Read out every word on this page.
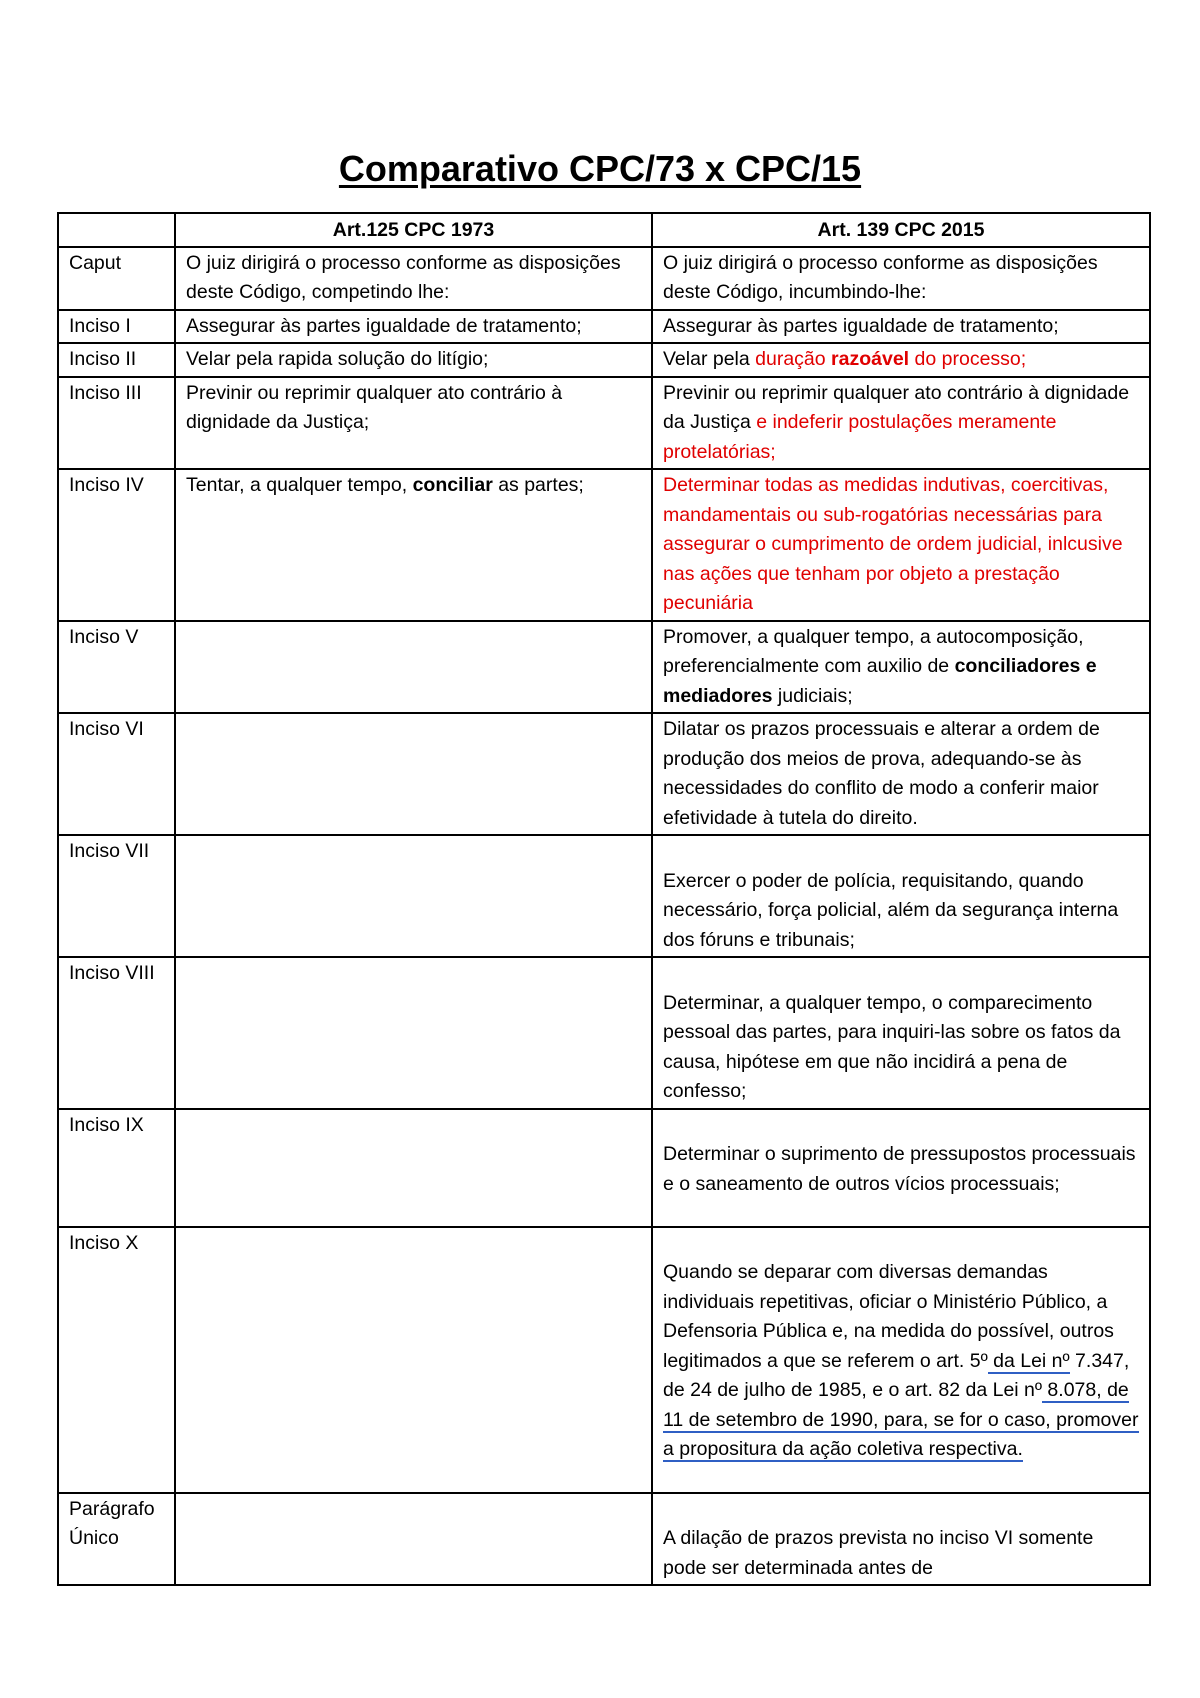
Comparativo CPC/73 x CPC/15
	Art.125 CPC 1973	Art. 139 CPC 2015
Caput	O juiz dirigirá o processo conforme as disposições deste Código, competindo lhe:	O juiz dirigirá o processo conforme as disposições deste Código, incumbindo-lhe:
Inciso I	Assegurar às partes igualdade de tratamento;	Assegurar às partes igualdade de tratamento;
Inciso II	Velar pela rapida solução do litígio;	Velar pela duração razoável do processo;
Inciso III	Previnir ou reprimir qualquer ato contrário à dignidade da Justiça;	Previnir ou reprimir qualquer ato contrário à dignidade da Justiça e indeferir postulações meramente protelatórias;
Inciso IV	Tentar, a qualquer tempo, conciliar as partes;	Determinar todas as medidas indutivas, coercitivas, mandamentais ou sub-rogatórias necessárias para assegurar o cumprimento de ordem judicial, inlcusive nas ações que tenham por objeto a prestação pecuniária
Inciso V		Promover, a qualquer tempo, a autocomposição, preferencialmente com auxilio de conciliadores e mediadores judiciais;
Inciso VI		Dilatar os prazos processuais e alterar a ordem de produção dos meios de prova, adequando-se às necessidades do conflito de modo a conferir maior efetividade à tutela do direito.
Inciso VII		Exercer o poder de polícia, requisitando, quando necessário, força policial, além da segurança interna dos fóruns e tribunais;
Inciso VIII		Determinar, a qualquer tempo, o comparecimento pessoal das partes, para inquiri-las sobre os fatos da causa, hipótese em que não incidirá a pena de confesso;
Inciso IX		Determinar o suprimento de pressupostos processuais e o saneamento de outros vícios processuais;
Inciso X		Quando se deparar com diversas demandas individuais repetitivas, oficiar o Ministério Público, a Defensoria Pública e, na medida do possível, outros legitimados a que se referem o art. 5º da Lei nº 7.347, de 24 de julho de 1985, e o art. 82 da Lei nº 8.078, de 11 de setembro de 1990, para, se for o caso, promover a propositura da ação coletiva respectiva.
Parágrafo Único		A dilação de prazos prevista no inciso VI somente pode ser determinada antes de
